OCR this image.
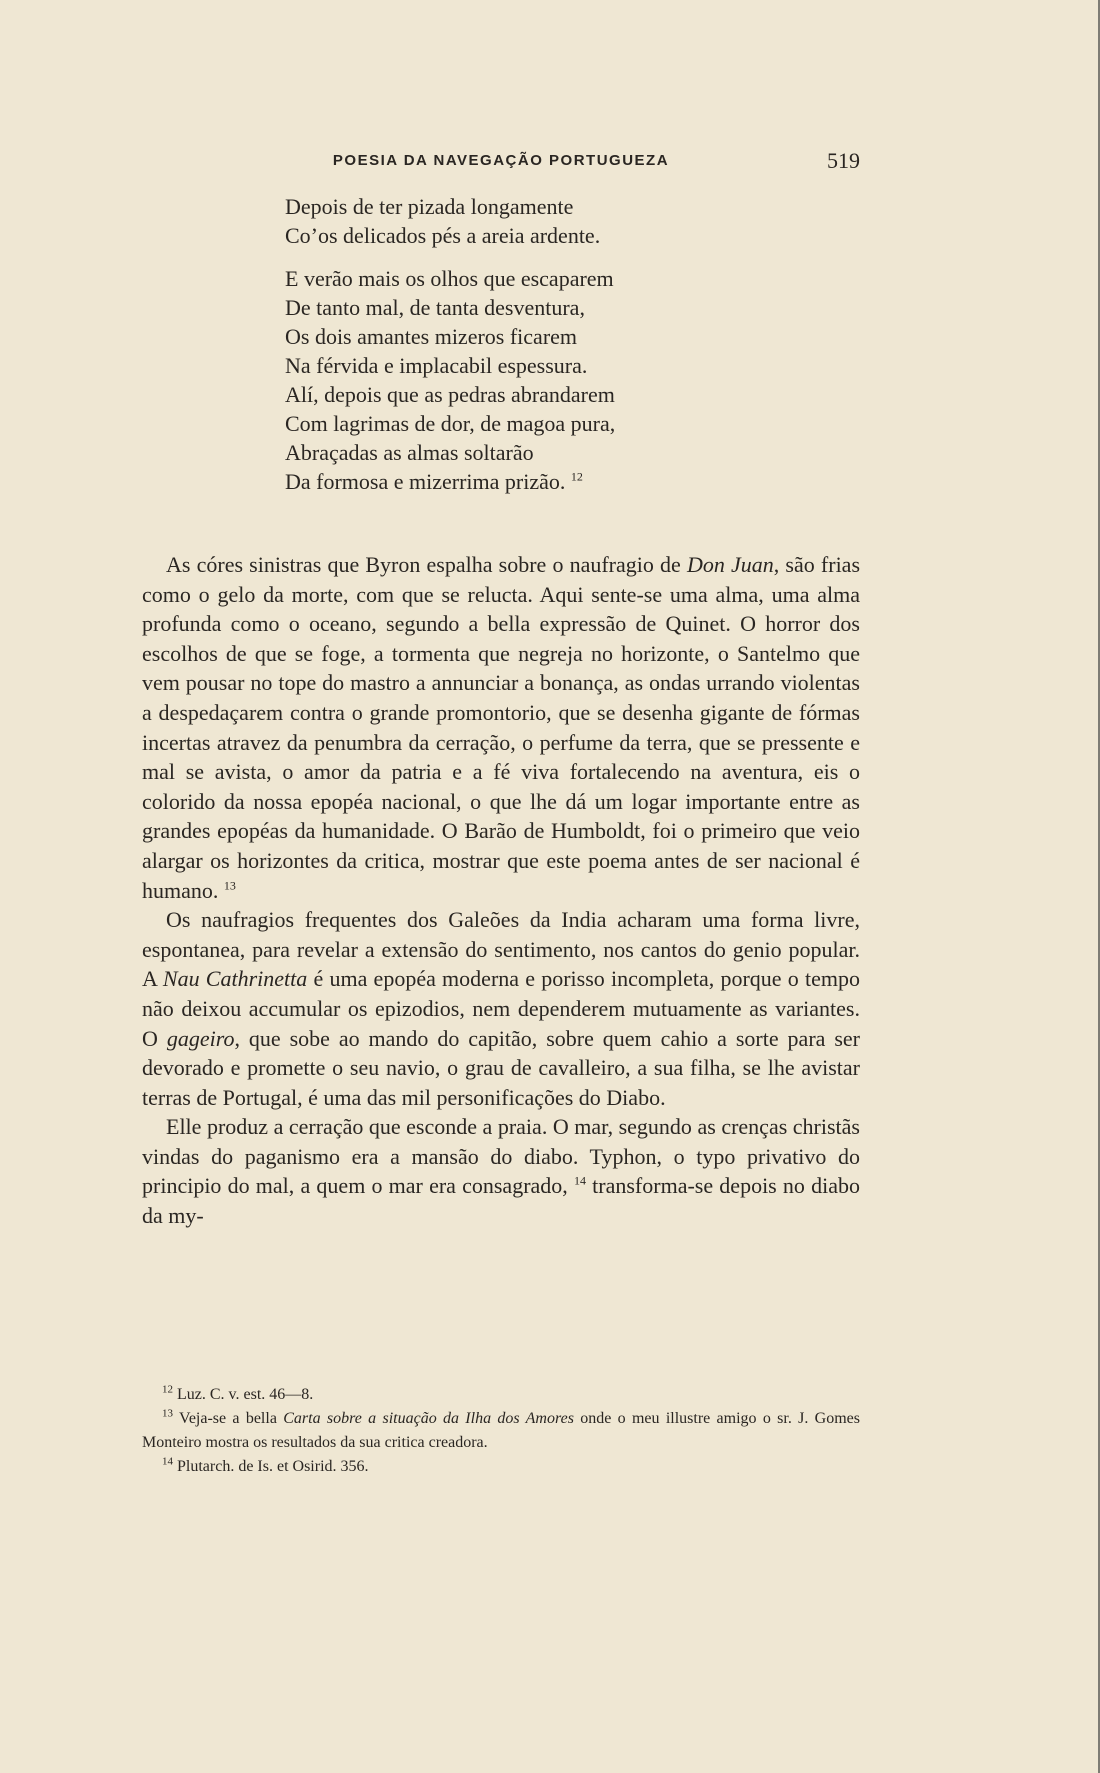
POESIA DA NAVEGAÇÃO PORTUGUEZA	519
Depois de ter pizada longamente
Co’os delicados pés a areia ardente.
E verão mais os olhos que escaparem
De tanto mal, de tanta desventura,
Os dois amantes mizeros ficarem
Na férvida e implacabil espessura.
Alí, depois que as pedras abrandarem
Com lagrimas de dor, de magoa pura,
Abraçadas as almas soltarão
Da formosa e mizerrima prizão. $^{12}$

As córes sinistras que Byron espalha sobre o naufragio de Don Juan, são frias como o gelo da morte, com que se relucta. Aqui sente-se uma alma, uma alma profunda como o oceano, segundo a bella expressão de Quinet. O horror dos escolhos de que se foge, a tormenta que negreja no horizonte, o Santelmo que vem pousar no tope do mastro a annunciar a bonança, as ondas urrando violentas a despedaçarem contra o grande promontorio, que se desenha gigante de fórmas incertas atravez da penumbra da cerração, o perfume da terra, que se pressente e mal se avista, o amor da patria e a fé viva fortalecendo na aventura, eis o colorido da nossa epopéa nacional, o que lhe dá um logar importante entre as grandes epopéas da humanidade. O Barão de Humboldt, foi o primeiro que veio alargar os horizontes da critica, mostrar que este poema antes de ser nacional é humano. $^{13}$

Os naufragios frequentes dos Galeões da India acharam uma forma livre, espontanea, para revelar a extensão do sentimento, nos cantos do genio popular. A Nau Cathrinetta é uma epopéa moderna e porisso incompleta, porque o tempo não deixou accumular os epizodios, nem dependerem mutuamente as variantes. O gageiro, que sobe ao mando do capitão, sobre quem cahio a sorte para ser devorado e promette o seu navio, o grau de cavalleiro, a sua filha, se lhe avistar terras de Portugal, é uma das mil personificações do Diabo.

Elle produz a cerração que esconde a praia. O mar, segundo as crenças christãs vindas do paganismo era a mansão do diabo. Typhon, o typo privativo do principio do mal, a quem o mar era consagrado, $^{14}$ transforma-se depois no diabo da my-

$^{12}$ Luz. C. v. est. 46—8.

$^{13}$ Veja-se a bella Carta sobre a situação da Ilha dos Amores onde o meu illustre amigo o sr. J. Gomes Monteiro mostra os resultados da sua critica creadora.

$^{14}$ Plutarch. de Is. et Osirid. 356.
